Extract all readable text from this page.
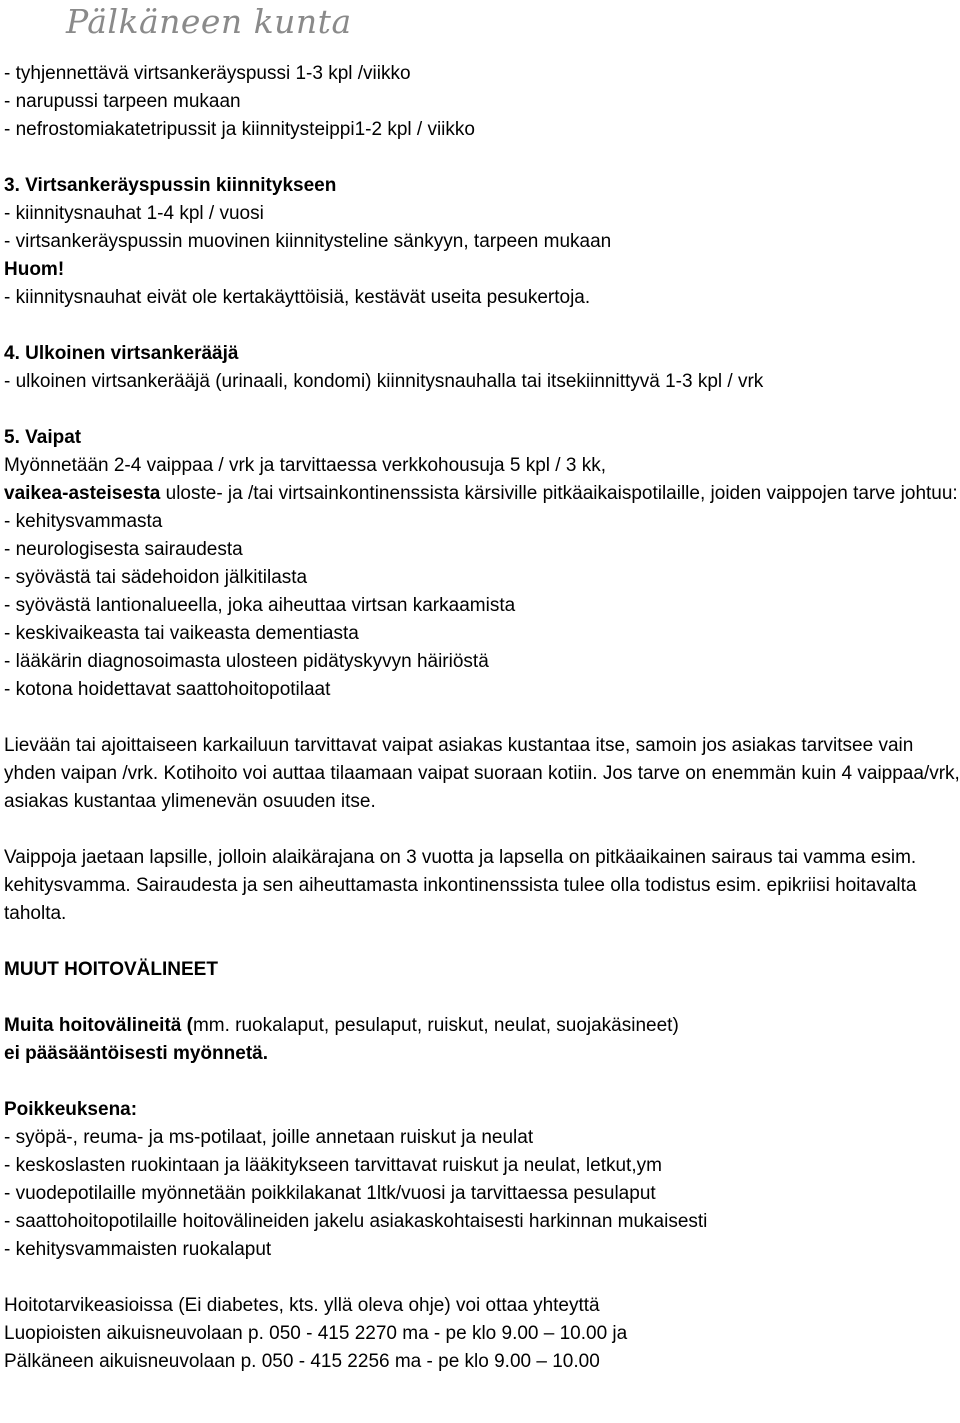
Pälkäneen kunta

- tyhjennettävä virtsankeräyspussi 1-3 kpl /viikko

- narupussi tarpeen mukaan

- nefrostomiakatetripussit ja kiinnitysteippi1-2 kpl / viikko

3. Virtsankeräyspussin kiinnitykseen

- kiinnitysnauhat 1-4 kpl / vuosi

- virtsankeräyspussin muovinen kiinnitysteline sänkyyn, tarpeen mukaan

Huom!

- kiinnitysnauhat eivät ole kertakäyttöisiä, kestävät useita pesukertoja.

4. Ulkoinen virtsankerääjä

- ulkoinen virtsankerääjä (urinaali, kondomi) kiinnitysnauhalla tai itsekiinnittyvä 1-3 kpl / vrk

5. Vaipat

Myönnetään 2-4 vaippaa / vrk ja tarvittaessa verkkohousuja 5 kpl / 3 kk,

vaikea-asteisesta uloste- ja /tai virtsainkontinenssista kärsiville pitkäaikaispotilaille, joiden vaippojen tarve johtuu:

- kehitysvammasta

- neurologisesta sairaudesta

- syövästä tai sädehoidon jälkitilasta

- syövästä lantionalueella, joka aiheuttaa virtsan karkaamista

- keskivaikeasta tai vaikeasta dementiasta

- lääkärin diagnosoimasta ulosteen pidätyskyvyn häiriöstä

- kotona hoidettavat saattohoitopotilaat

Lievään tai ajoittaiseen karkailuun tarvittavat vaipat asiakas kustantaa itse, samoin jos asiakas tarvitsee vain yhden vaipan /vrk. Kotihoito voi auttaa tilaamaan vaipat suoraan kotiin. Jos tarve on enemmän kuin 4 vaippaa/vrk, asiakas kustantaa ylimenevän osuuden itse.

Vaippoja jaetaan lapsille, jolloin alaikärajana on 3 vuotta ja lapsella on pitkäaikainen sairaus tai vamma esim. kehitysvamma. Sairaudesta ja sen aiheuttamasta inkontinenssista tulee olla todistus esim. epikriisi hoitavalta taholta.

MUUT HOITOVÄLINEET

Muita hoitovälineitä (mm. ruokalaput, pesulaput, ruiskut, neulat, suojakäsineet)

ei pääsääntöisesti myönnetä.

Poikkeuksena:

- syöpä-, reuma- ja ms-potilaat, joille annetaan ruiskut ja neulat

- keskoslasten ruokintaan ja lääkitykseen tarvittavat ruiskut ja neulat, letkut,ym

- vuodepotilaille myönnetään poikkilakanat 1ltk/vuosi ja tarvittaessa pesulaput

- saattohoitopotilaille hoitovälineiden jakelu asiakaskohtaisesti harkinnan mukaisesti

- kehitysvammaisten ruokalaput

Hoitotarvikeasioissa (Ei diabetes, kts. yllä oleva ohje) voi ottaa yhteyttä

Luopioisten aikuisneuvolaan p. 050 - 415 2270 ma - pe klo 9.00 – 10.00 ja

Pälkäneen aikuisneuvolaan p. 050 - 415 2256 ma - pe klo 9.00 – 10.00
